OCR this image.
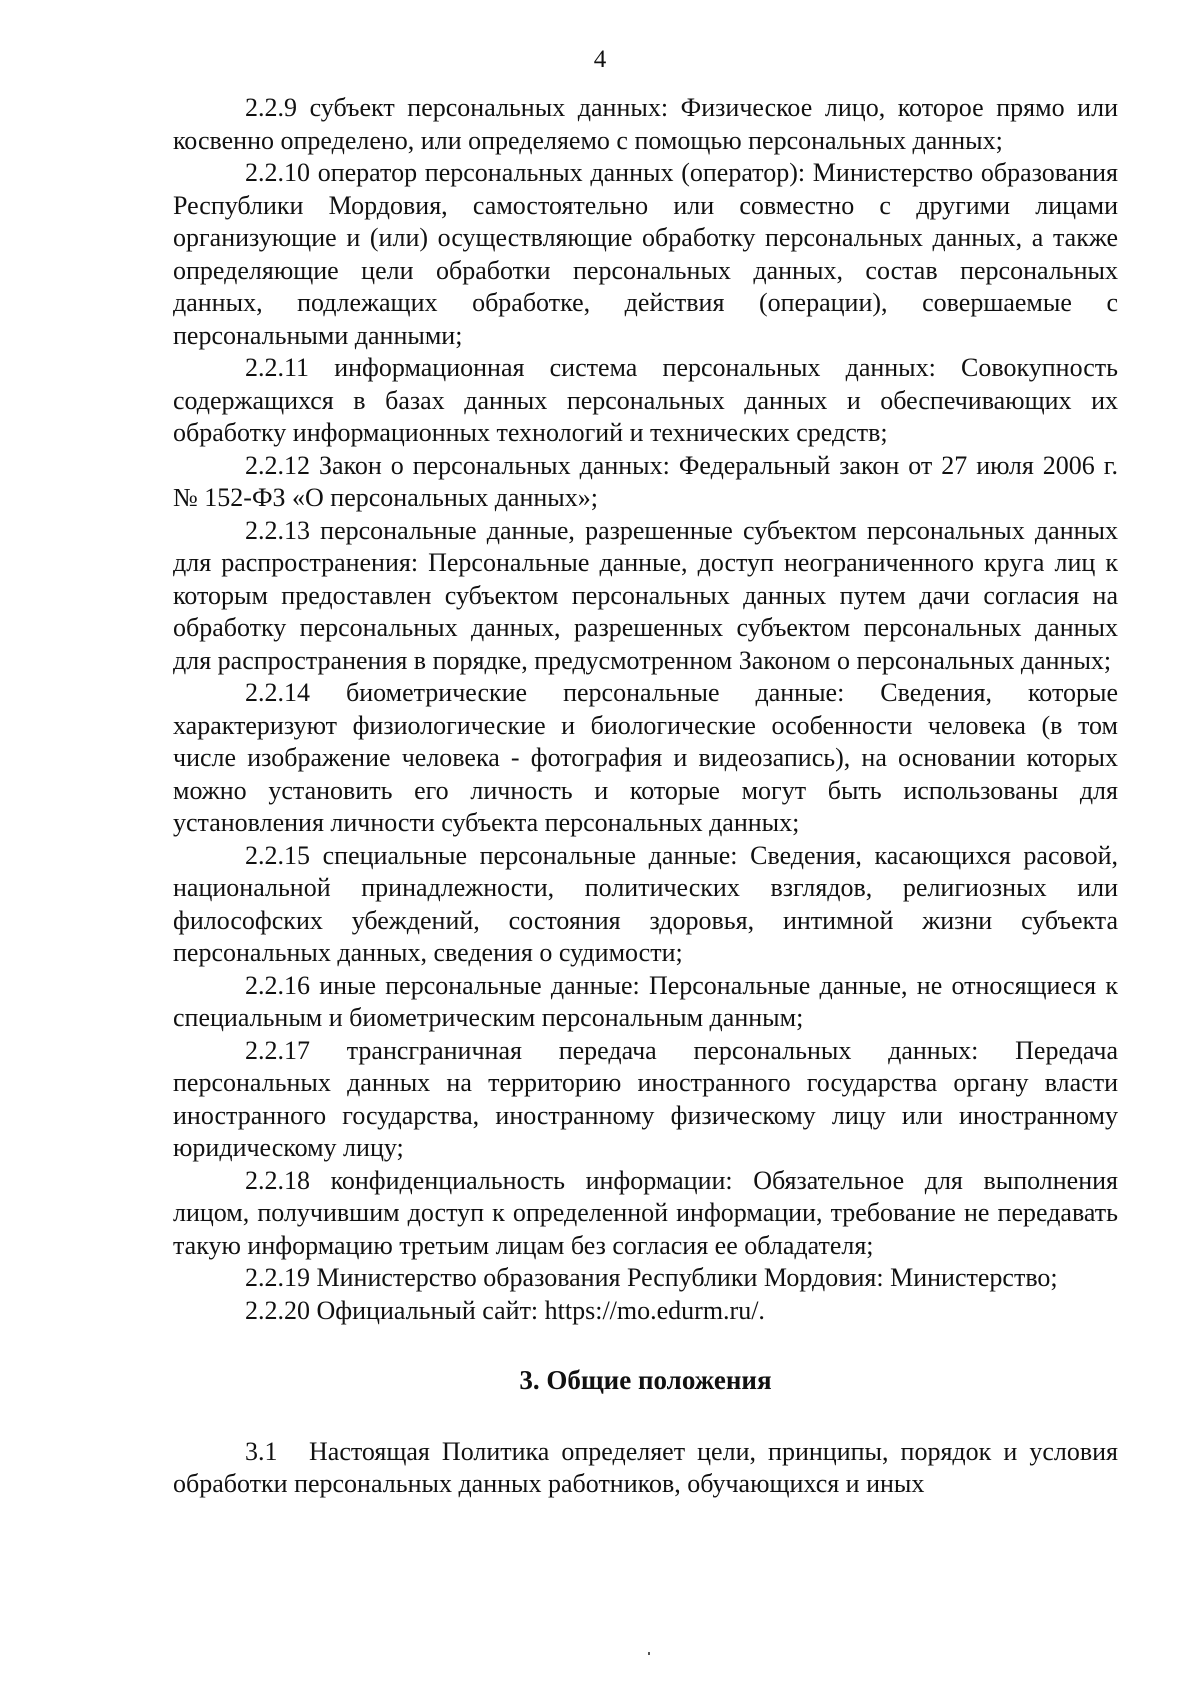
4

2.2.9 субъект персональных данных: Физическое лицо, которое прямо или косвенно определено, или определяемо с помощью персональных данных;

2.2.10 оператор персональных данных (оператор): Министерство образования Республики Мордовия, самостоятельно или совместно с другими лицами организующие и (или) осуществляющие обработку персональных данных, а также определяющие цели обработки персональных данных, состав персональных данных, подлежащих обработке, действия (операции), совершаемые с персональными данными;

2.2.11 информационная система персональных данных: Совокупность содержащихся в базах данных персональных данных и обеспечивающих их обработку информационных технологий и технических средств;

2.2.12 Закон о персональных данных: Федеральный закон от 27 июля 2006 г. № 152-ФЗ «О персональных данных»;

2.2.13 персональные данные, разрешенные субъектом персональных данных для распространения: Персональные данные, доступ неограниченного круга лиц к которым предоставлен субъектом персональных данных путем дачи согласия на обработку персональных данных, разрешенных субъектом персональных данных для распространения в порядке, предусмотренном Законом о персональных данных;

2.2.14 биометрические персональные данные: Сведения, которые характеризуют физиологические и биологические особенности человека (в том числе изображение человека - фотография и видеозапись), на основании которых можно установить его личность и которые могут быть использованы для установления личности субъекта персональных данных;

2.2.15 специальные персональные данные: Сведения, касающихся расовой, национальной принадлежности, политических взглядов, религиозных или философских убеждений, состояния здоровья, интимной жизни субъекта персональных данных, сведения о судимости;

2.2.16 иные персональные данные: Персональные данные, не относящиеся к специальным и биометрическим персональным данным;

2.2.17 трансграничная передача персональных данных: Передача персональных данных на территорию иностранного государства органу власти иностранного государства, иностранному физическому лицу или иностранному юридическому лицу;

2.2.18 конфиденциальность информации: Обязательное для выполнения лицом, получившим доступ к определенной информации, требование не передавать такую информацию третьим лицам без согласия ее обладателя;

2.2.19 Министерство образования Республики Мордовия: Министерство;

2.2.20 Официальный сайт: https://mo.edurm.ru/.

3. Общие положения

3.1 Настоящая Политика определяет цели, принципы, порядок и условия обработки персональных данных работников, обучающихся и иных
